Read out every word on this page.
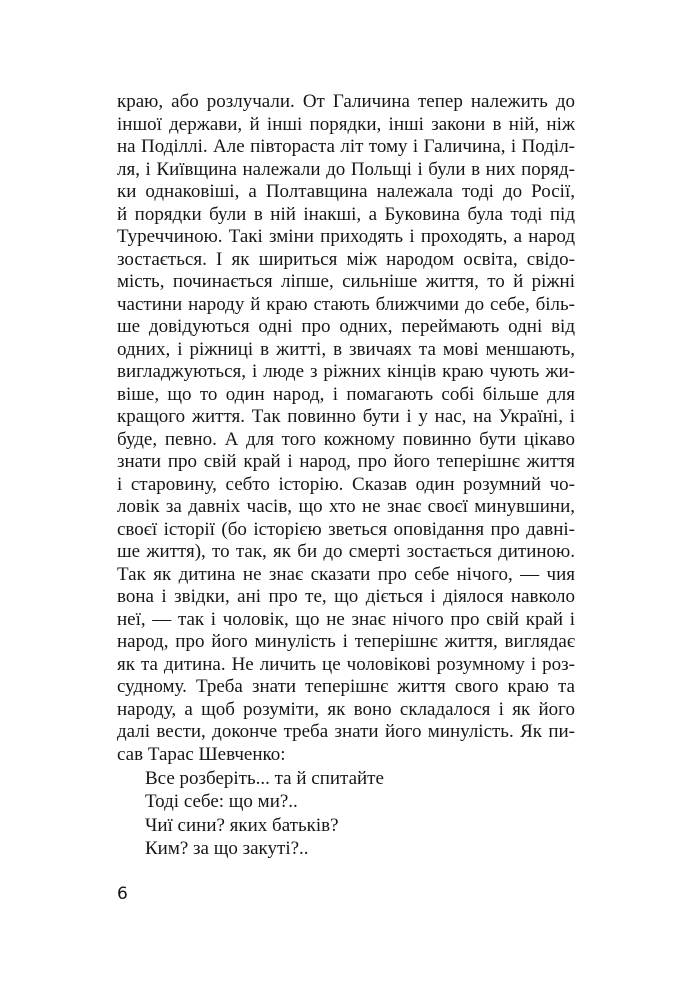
краю, або розлучали. От Галичина тепер належить до
іншої держави, й інші порядки, інші закони в ній, ніж
на Поділлі. Але півтораста літ тому і Галичина, і Поділ-
ля, і Київщина належали до Польщі і були в них поряд-
ки однаковіші, а Полтавщина належала тоді до Росії,
й порядки були в ній інакші, а Буковина була тоді під
Туреччиною. Такі зміни приходять і проходять, а народ
зостається. І як шириться між народом освіта, свідо-
мість, починається ліпше, сильніше життя, то й ріжні
частини народу й краю стають ближчими до себе, біль-
ше довідуються одні про одних, переймають одні від
одних, і ріжниці в житті, в звичаях та мові меншають,
вигладжуються, і люде з ріжних кінців краю чують жи-
віше, що то один народ, і помагають собі більше для
кращого життя. Так повинно бути і у нас, на Україні, і
буде, певно. А для того кожному повинно бути цікаво
знати про свій край і народ, про його теперішнє життя
і старовину, себто історію. Сказав один розумний чо-
ловік за давніх часів, що хто не знає своєї минувшини,
своєї історії (бо історією зветься оповідання про давні-
ше життя), то так, як би до смерті зостається дитиною.
Так як дитина не знає сказати про себе нічого, — чия
вона і звідки, ані про те, що діється і діялося навколо
неї, — так і чоловік, що не знає нічого про свій край і
народ, про його минулість і теперішнє життя, виглядає
як та дитина. Не личить це чоловікові розумному і роз-
судному. Треба знати теперішнє життя свого краю та
народу, а щоб розуміти, як воно складалося і як його
далі вести, доконче треба знати його минулість. Як пи-
сав Тарас Шевченко:
Все розберіть... та й спитайте
Тоді себе: що ми?..
Чиї сини? яких батьків?
Ким? за що закуті?..
6
